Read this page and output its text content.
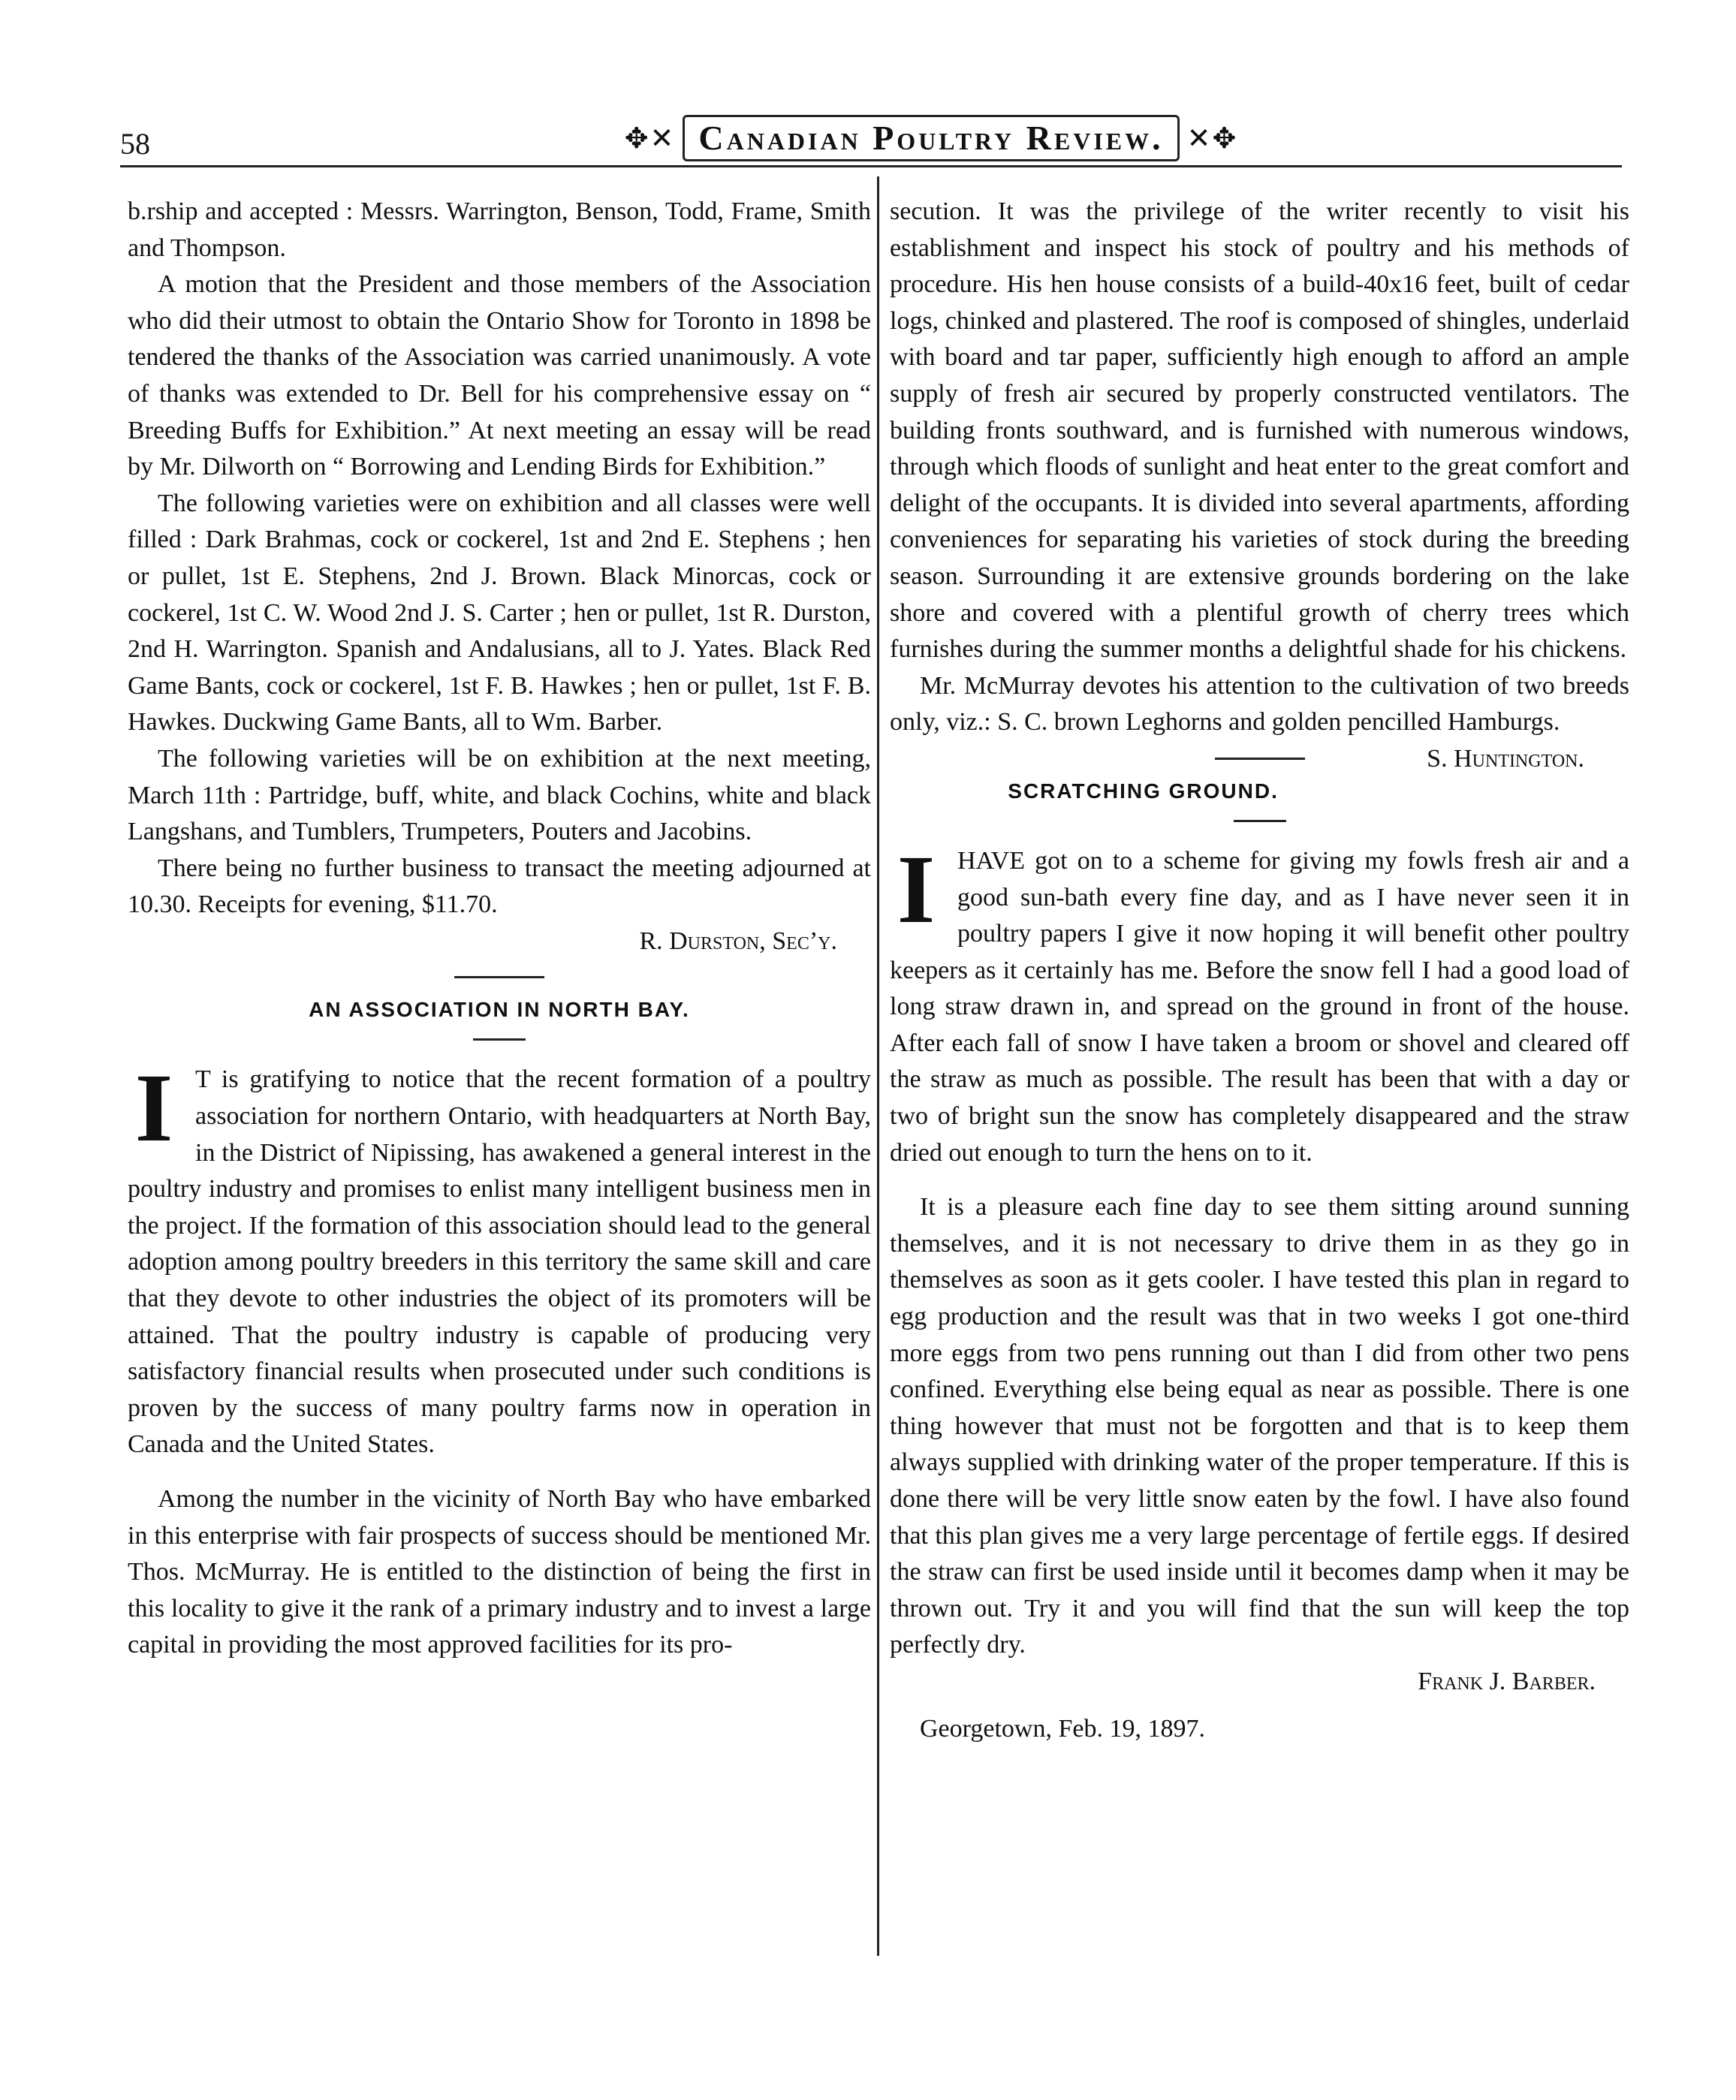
58	✥✕ Canadian Poultry Review. ✕✥

b.rship and accepted : Messrs. Warrington, Benson, Todd, Frame, Smith and Thompson.

A motion that the President and those members of the Association who did their utmost to obtain the Ontario Show for Toronto in 1898 be tendered the thanks of the Association was carried unanimously. A vote of thanks was extended to Dr. Bell for his comprehensive essay on “ Breeding Buffs for Exhibition.” At next meeting an essay will be read by Mr. Dilworth on “ Borrowing and Lending Birds for Exhibition.”

The following varieties were on exhibition and all classes were well filled : Dark Brahmas, cock or cockerel, 1st and 2nd E. Stephens ; hen or pullet, 1st E. Stephens, 2nd J. Brown. Black Minorcas, cock or cockerel, 1st C. W. Wood 2nd J. S. Carter ; hen or pullet, 1st R. Durston, 2nd H. Warrington. Spanish and Andalusians, all to J. Yates. Black Red Game Bants, cock or cockerel, 1st F. B. Hawkes ; hen or pullet, 1st F. B. Hawkes. Duckwing Game Bants, all to Wm. Barber.

The following varieties will be on exhibition at the next meeting, March 11th : Partridge, buff, white, and black Cochins, white and black Langshans, and Tumblers, Trumpeters, Pouters and Jacobins.

There being no further business to transact the meeting adjourned at 10.30. Receipts for evening, $11.70.

R. Durston, Sec’y.

AN ASSOCIATION IN NORTH BAY.

I T is gratifying to notice that the recent formation of a poultry association for northern Ontario, with headquarters at North Bay, in the District of Nipissing, has awakened a general interest in the poultry industry and promises to enlist many intelligent business men in the project. If the formation of this association should lead to the general adoption among poultry breeders in this territory the same skill and care that they devote to other industries the object of its promoters will be attained. That the poultry industry is capable of producing very satisfactory financial results when prosecuted under such conditions is proven by the success of many poultry farms now in operation in Canada and the United States.

Among the number in the vicinity of North Bay who have embarked in this enterprise with fair prospects of success should be mentioned Mr. Thos. McMurray. He is entitled to the distinction of being the first in this locality to give it the rank of a primary industry and to invest a large capital in providing the most approved facilities for its pro-

secution. It was the privilege of the writer recently to visit his establishment and inspect his stock of poultry and his methods of procedure. His hen house consists of a build-40x16 feet, built of cedar logs, chinked and plastered. The roof is composed of shingles, underlaid with board and tar paper, sufficiently high enough to afford an ample supply of fresh air secured by properly constructed ventilators. The building fronts southward, and is furnished with numerous windows, through which floods of sunlight and heat enter to the great comfort and delight of the occupants. It is divided into several apartments, affording conveniences for separating his varieties of stock during the breeding season. Surrounding it are extensive grounds bordering on the lake shore and covered with a plentiful growth of cherry trees which furnishes during the summer months a delightful shade for his chickens.

Mr. McMurray devotes his attention to the cultivation of two breeds only, viz.: S. C. brown Leghorns and golden pencilled Hamburgs.
S. Huntington.

SCRATCHING GROUND.

I HAVE got on to a scheme for giving my fowls fresh air and a good sun-bath every fine day, and as I have never seen it in poultry papers I give it now hoping it will benefit other poultry keepers as it certainly has me. Before the snow fell I had a good load of long straw drawn in, and spread on the ground in front of the house. After each fall of snow I have taken a broom or shovel and cleared off the straw as much as possible. The result has been that with a day or two of bright sun the snow has completely disappeared and the straw dried out enough to turn the hens on to it.

It is a pleasure each fine day to see them sitting around sunning themselves, and it is not necessary to drive them in as they go in themselves as soon as it gets cooler. I have tested this plan in regard to egg production and the result was that in two weeks I got one-third more eggs from two pens running out than I did from other two pens confined. Everything else being equal as near as possible. There is one thing however that must not be forgotten and that is to keep them always supplied with drinking water of the proper temperature. If this is done there will be very little snow eaten by the fowl. I have also found that this plan gives me a very large percentage of fertile eggs. If desired the straw can first be used inside until it becomes damp when it may be thrown out. Try it and you will find that the sun will keep the top perfectly dry.

Frank J. Barber.

Georgetown, Feb. 19, 1897.
